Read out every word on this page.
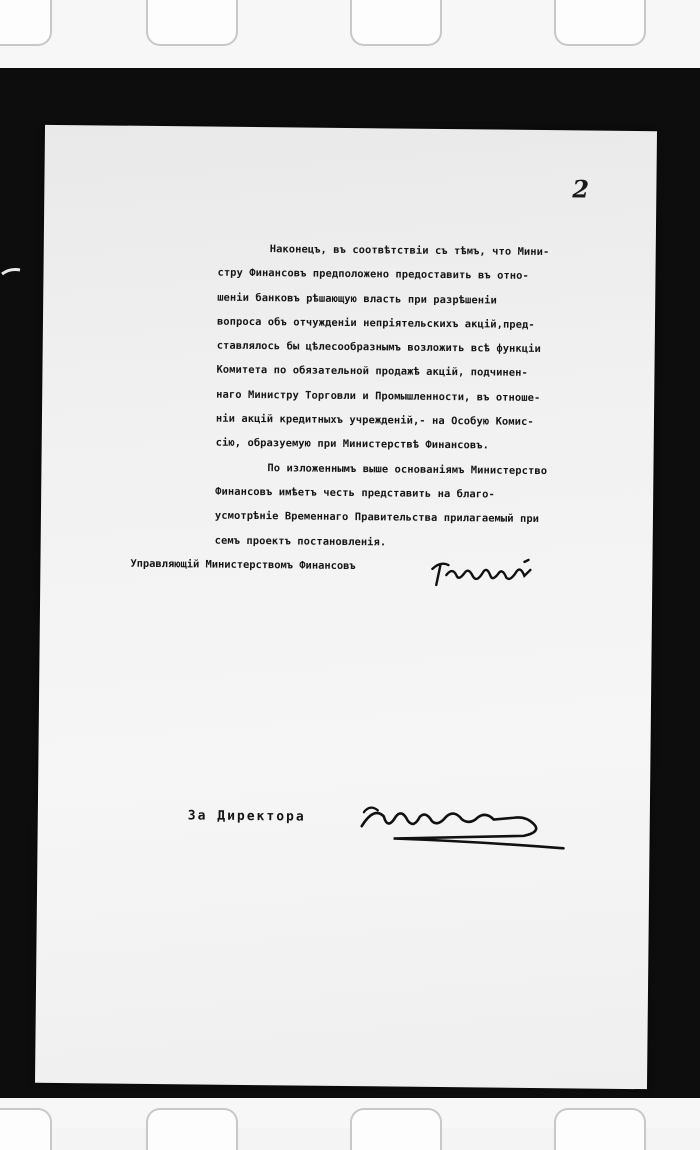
2
Наконецъ, въ соотвѣтствіи съ тѣмъ, что Мини-
стру Финансовъ предположено предоставить въ отно-
шеніи банковъ рѣшающую власть при разрѣшеніи
вопроса объ отчужденіи непріятельскихъ акцій,пред-
ставлялось бы цѣлесообразнымъ возложить всѣ функціи
Комитета по обязательной продажѣ акцій, подчинен-
наго Министру Торговли и Промышленности, въ отноше-
ніи акцій кредитныхъ учрежденій,- на Особую Комис-
сію, образуемую при Министерствѣ Финансовъ.
По изложеннымъ выше основаніямъ Министерство
Финансовъ имѣетъ честь представить на благо-
усмотрѣніе Временнаго Правительства прилагаемый при
семъ проектъ постановленія.
Управляющій Министерствомъ Финансовъ
За Директора
